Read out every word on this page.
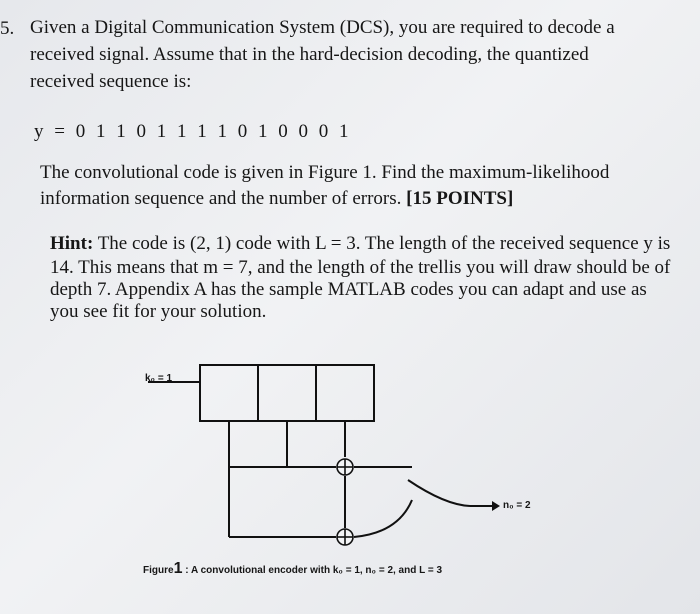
5. Given a Digital Communication System (DCS), you are required to decode a
received signal. Assume that in the hard-decision decoding, the quantized
received sequence is:
y = 0 1 1 0 1 1 1 1 0 1 0 0 0 1
The convolutional code is given in Figure 1. Find the maximum-likelihood
information sequence and the number of errors. [15 POINTS]
Hint: The code is (2, 1) code with L = 3. The length of the received sequence y is
14. This means that m = 7, and the length of the trellis you will draw should be of
depth 7. Appendix A has the sample MATLAB codes you can adapt and use as
you see fit for your solution.
k₀ = 1
n₀ = 2
Figure1 : A convolutional encoder with k₀ = 1, n₀ = 2, and L = 3
